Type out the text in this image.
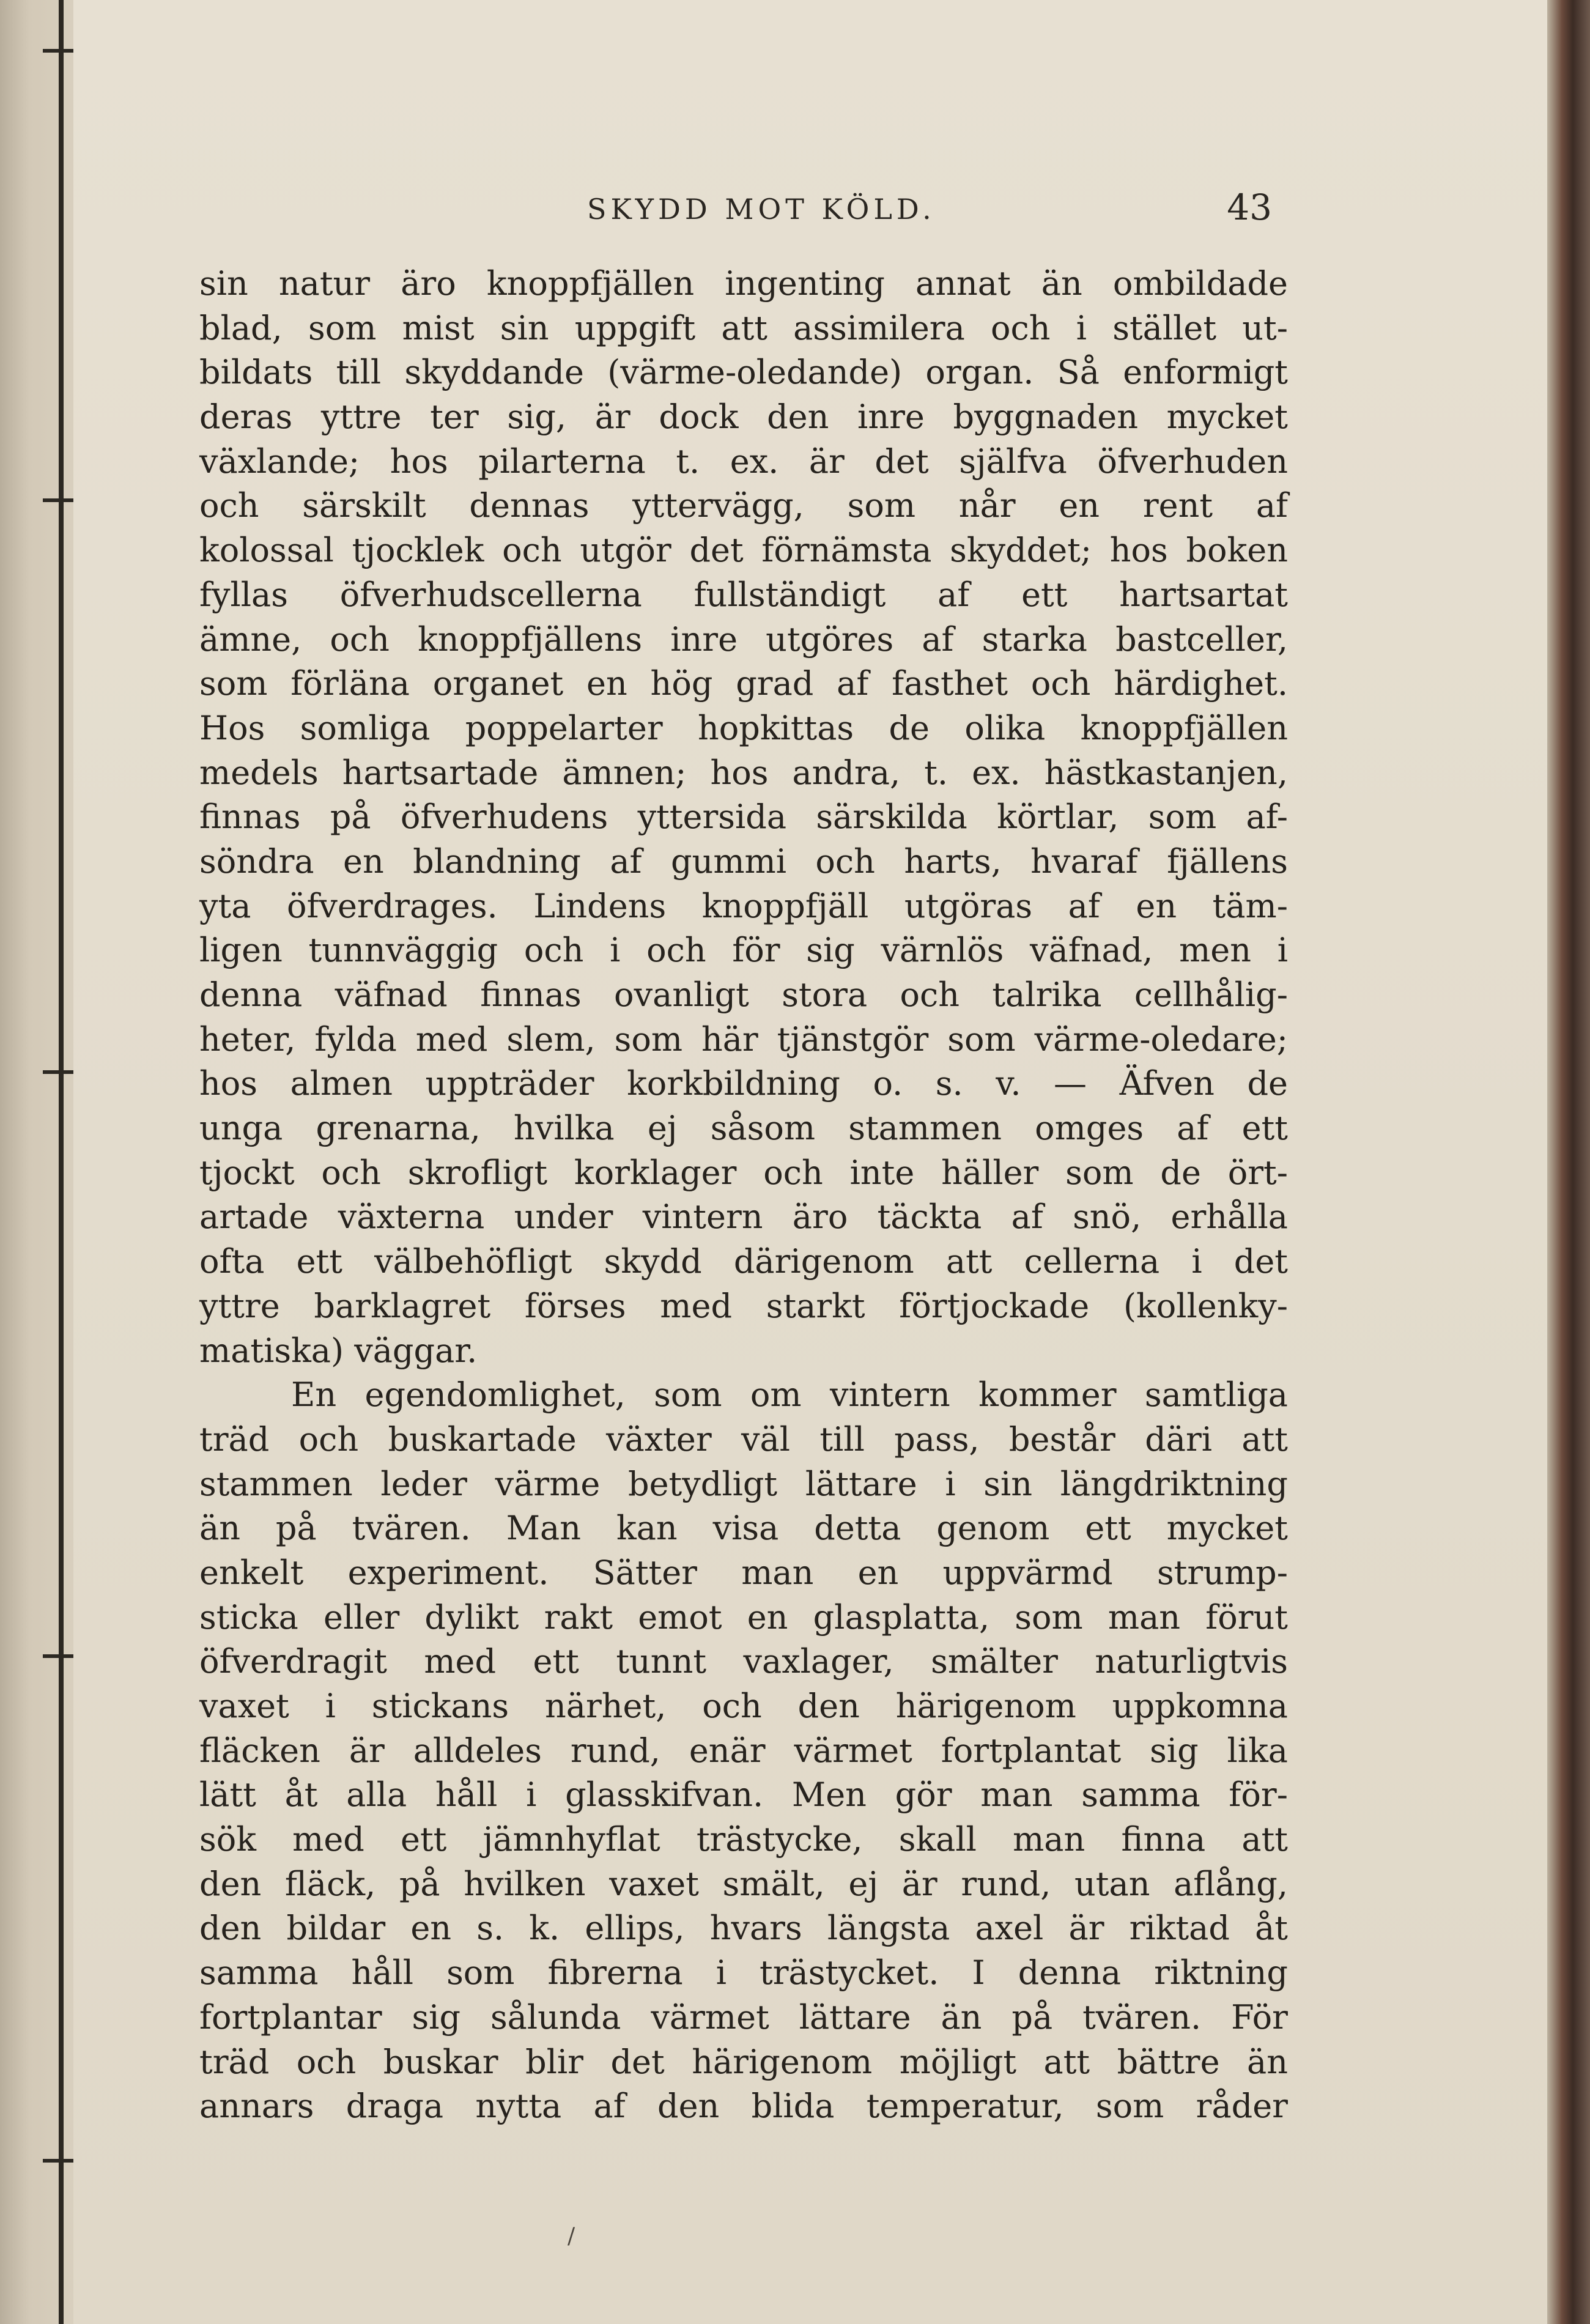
SKYDD MOT KÖLD.	43
sin natur äro knoppfjällen ingenting annat än ombildade
blad, som mist sin uppgift att assimilera och i stället ut-
bildats till skyddande (värme-oledande) organ. Så enformigt
deras yttre ter sig, är dock den inre byggnaden mycket
växlande; hos pilarterna t. ex. är det själfva öfverhuden
och särskilt dennas yttervägg, som når en rent af
kolossal tjocklek och utgör det förnämsta skyddet; hos boken
fyllas öfverhudscellerna fullständigt af ett hartsartat
ämne, och knoppfjällens inre utgöres af starka bastceller,
som förläna organet en hög grad af fasthet och härdighet.
Hos somliga poppelarter hopkittas de olika knoppfjällen
medels hartsartade ämnen; hos andra, t. ex. hästkastanjen,
finnas på öfverhudens yttersida särskilda körtlar, som af-
söndra en blandning af gummi och harts, hvaraf fjällens
yta öfverdrages. Lindens knoppfjäll utgöras af en täm-
ligen tunnväggig och i och för sig värnlös väfnad, men i
denna väfnad finnas ovanligt stora och talrika cellhålig-
heter, fylda med slem, som här tjänstgör som värme-oledare;
hos almen uppträder korkbildning o. s. v. — Äfven de
unga grenarna, hvilka ej såsom stammen omges af ett
tjockt och skrofligt korklager och inte häller som de ört-
artade växterna under vintern äro täckta af snö, erhålla
ofta ett välbehöfligt skydd därigenom att cellerna i det
yttre barklagret förses med starkt förtjockade (kollenky-
matiska) väggar.
En egendomlighet, som om vintern kommer samtliga
träd och buskartade växter väl till pass, består däri att
stammen leder värme betydligt lättare i sin längdriktning
än på tvären. Man kan visa detta genom ett mycket
enkelt experiment. Sätter man en uppvärmd strump-
sticka eller dylikt rakt emot en glasplatta, som man förut
öfverdragit med ett tunnt vaxlager, smälter naturligtvis
vaxet i stickans närhet, och den härigenom uppkomna
fläcken är alldeles rund, enär värmet fortplantat sig lika
lätt åt alla håll i glasskifvan. Men gör man samma för-
sök med ett jämnhyflat trästycke, skall man finna att
den fläck, på hvilken vaxet smält, ej är rund, utan aflång,
den bildar en s. k. ellips, hvars längsta axel är riktad åt
samma håll som fibrerna i trästycket. I denna riktning
fortplantar sig sålunda värmet lättare än på tvären. För
träd och buskar blir det härigenom möjligt att bättre än
annars draga nytta af den blida temperatur, som råder
/
